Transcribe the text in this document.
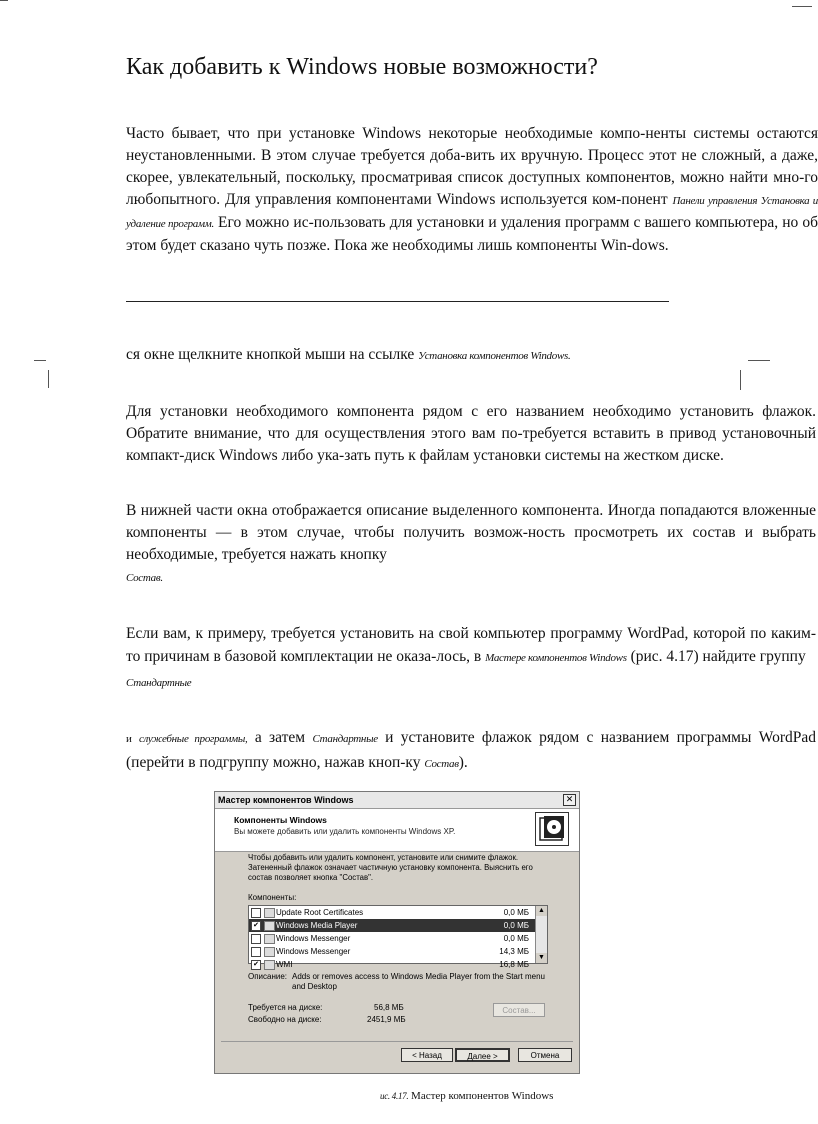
Как добавить к Windows новые возможности?

Часто бывает, что при установке Windows некоторые необходимые компо-ненты системы остаются неустановленными. В этом случае требуется доба-вить их вручную. Процесс этот не сложный, а даже, скорее, увлекательный, поскольку, просматривая список доступных компонентов, можно найти мно-го любопытного. Для управления компонентами Windows используется ком-понент Панели управления Установка и удаление программ. Его можно ис-пользовать для установки и удаления программ с вашего компьютера, но об этом будет сказано чуть позже. Пока же необходимы лишь компоненты Win-dows.

ся окне щелкните кнопкой мыши на ссылке Установка компонентов Windows.

Для установки необходимого компонента рядом с его названием необходимо установить флажок. Обратите внимание, что для осуществления этого вам по-требуется вставить в привод установочный компакт-диск Windows либо ука-зать путь к файлам установки системы на жестком диске.

В нижней части окна отображается описание выделенного компонента. Иногда попадаются вложенные компоненты — в этом случае, чтобы получить возмож-ность просмотреть их состав и выбрать необходимые, требуется нажать кнопку
Состав.

Если вам, к примеру, требуется установить на свой компьютер программу WordPad, которой по каким-то причинам в базовой комплектации не оказа-лось, в Мастере компонентов Windows (рис. 4.17) найдите группу
Стандартные

и служебные программы, а затем Стандартные и установите флажок рядом с названием программы WordPad (перейти в подгруппу можно, нажав кноп-ку Состав).

Мастер компонентов Windows	✕
Компоненты Windows
Вы можете добавить или удалить компоненты Windows XP.
Чтобы добавить или удалить компонент, установите или снимите флажок. Затененный флажок означает частичную установку компонента. Выяснить его состав позволяет кнопка "Состав".
Компоненты:
Update Root Certificates	0,0 МБ
✔ Windows Media Player	0,0 МБ
Windows Messenger	0,0 МБ
Windows Messenger	14,3 МБ
✔ WMI	16,8 МБ
▲
▼
Описание: Adds or removes access to Windows Media Player from the Start menu and Desktop
Требуется на диске:	56,8 МБ
Свободно на диске:	2451,9 МБ
Состав...
< Назад	Далее >	Отмена
ис. 4.17. Мастер компонентов Windows
